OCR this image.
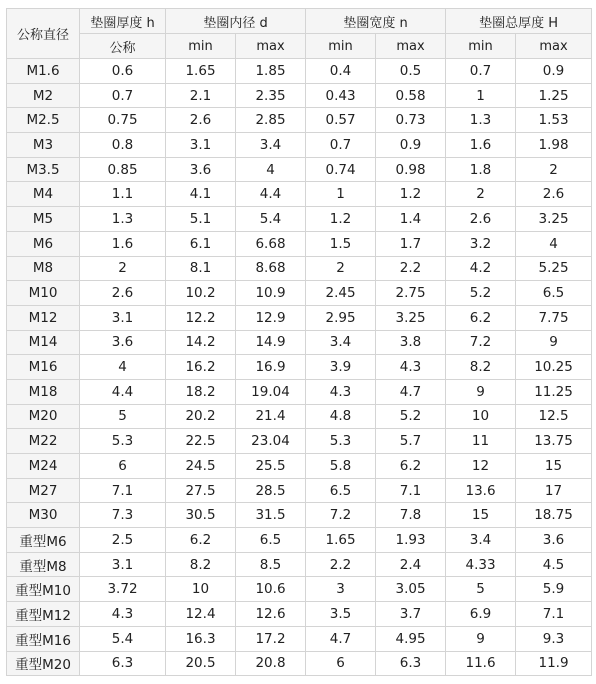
公称直径	垫圈厚度 h	垫圈内径 d		垫圈宽度 n		垫圈总厚度 H	
	公称	min	max	min	max	min	max
M1.6	0.6	1.65	1.85	0.4	0.5	0.7	0.9
M2	0.7	2.1	2.35	0.43	0.58	1	1.25
M2.5	0.75	2.6	2.85	0.57	0.73	1.3	1.53
M3	0.8	3.1	3.4	0.7	0.9	1.6	1.98
M3.5	0.85	3.6	4	0.74	0.98	1.8	2
M4	1.1	4.1	4.4	1	1.2	2	2.6
M5	1.3	5.1	5.4	1.2	1.4	2.6	3.25
M6	1.6	6.1	6.68	1.5	1.7	3.2	4
M8	2	8.1	8.68	2	2.2	4.2	5.25
M10	2.6	10.2	10.9	2.45	2.75	5.2	6.5
M12	3.1	12.2	12.9	2.95	3.25	6.2	7.75
M14	3.6	14.2	14.9	3.4	3.8	7.2	9
M16	4	16.2	16.9	3.9	4.3	8.2	10.25
M18	4.4	18.2	19.04	4.3	4.7	9	11.25
M20	5	20.2	21.4	4.8	5.2	10	12.5
M22	5.3	22.5	23.04	5.3	5.7	11	13.75
M24	6	24.5	25.5	5.8	6.2	12	15
M27	7.1	27.5	28.5	6.5	7.1	13.6	17
M30	7.3	30.5	31.5	7.2	7.8	15	18.75
重型M6	2.5	6.2	6.5	1.65	1.93	3.4	3.6
重型M8	3.1	8.2	8.5	2.2	2.4	4.33	4.5
重型M10	3.72	10	10.6	3	3.05	5	5.9
重型M12	4.3	12.4	12.6	3.5	3.7	6.9	7.1
重型M16	5.4	16.3	17.2	4.7	4.95	9	9.3
重型M20	6.3	20.5	20.8	6	6.3	11.6	11.9
